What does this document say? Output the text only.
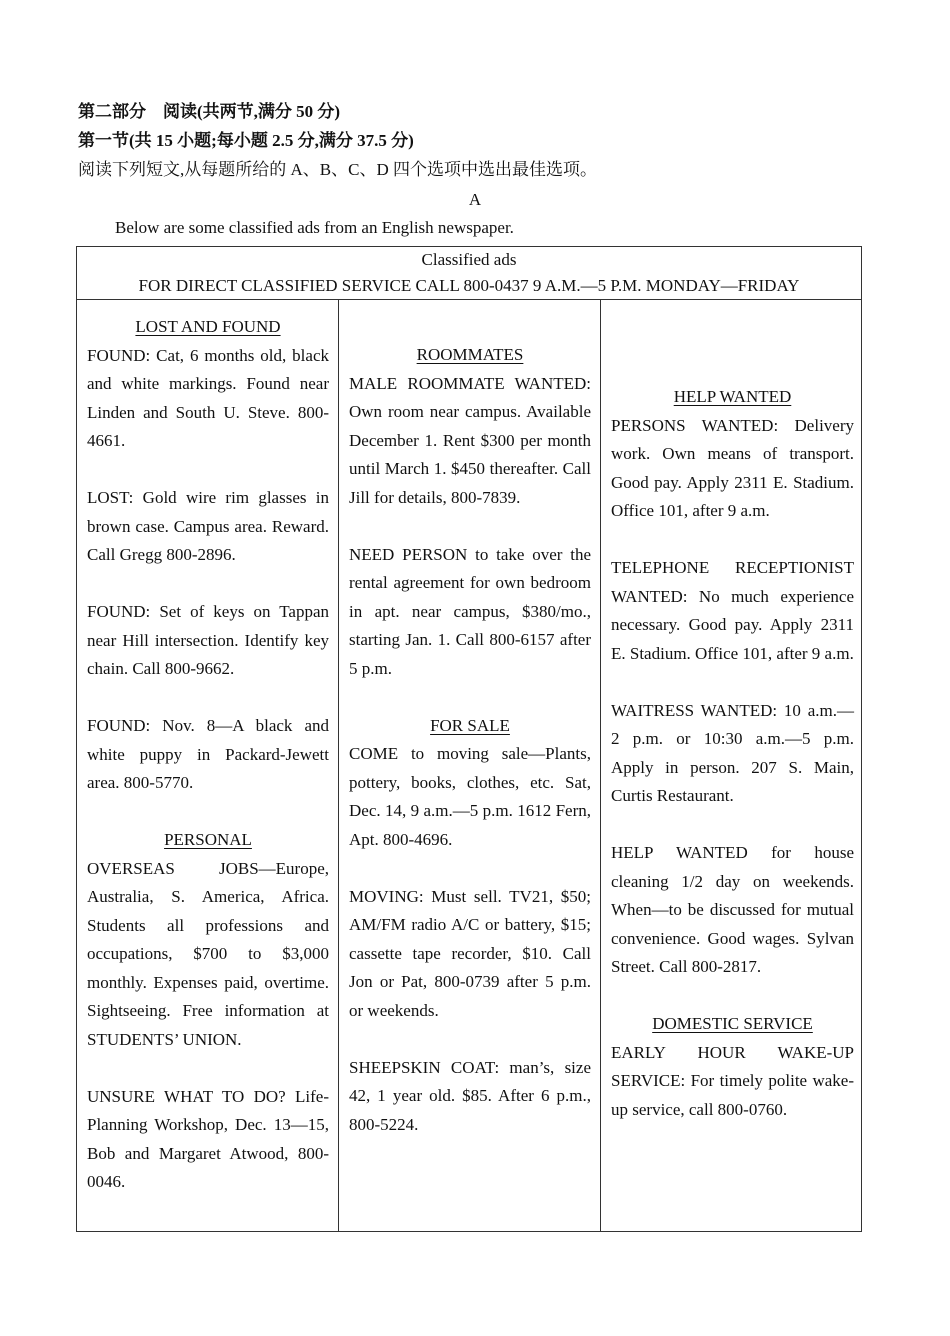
第二部分　阅读(共两节,满分 50 分)
第一节(共 15 小题;每小题 2.5 分,满分 37.5 分)
阅读下列短文,从每题所给的 A、B、C、D 四个选项中选出最佳选项。
A
Below are some classified ads from an English newspaper.
Classified ads
FOR DIRECT CLASSIFIED SERVICE CALL 800-0437 9 A.M.—5 P.M. MONDAY—FRIDAY
LOST AND FOUND
FOUND: Cat, 6 months old, black and white markings. Found near Linden and South U. Steve. 800-4661.
LOST: Gold wire rim glasses in brown case. Campus area. Reward. Call Gregg 800-2896.
FOUND: Set of keys on Tappan near Hill intersection. Identify key chain. Call 800-9662.
FOUND: Nov. 8—A black and white puppy in Packard-Jewett area. 800-5770.
PERSONAL
OVERSEAS JOBS—Europe, Australia, S. America, Africa. Students all professions and occupations, $700 to $3,000 monthly. Expenses paid, overtime. Sightseeing. Free information at STUDENTS’ UNION.
UNSURE WHAT TO DO? Life-Planning Workshop, Dec. 13—15, Bob and Margaret Atwood, 800-0046.
ROOMMATES
MALE ROOMMATE WANTED: Own room near campus. Available December 1. Rent $300 per month until March 1. $450 thereafter. Call Jill for details, 800-7839.
NEED PERSON to take over the rental agreement for own bedroom in apt. near campus, $380/mo., starting Jan. 1. Call 800-6157 after 5 p.m.
FOR SALE
COME to moving sale—Plants, pottery, books, clothes, etc. Sat, Dec. 14, 9 a.m.—5 p.m. 1612 Fern, Apt. 800-4696.
MOVING: Must sell. TV21, $50; AM/FM radio A/C or battery, $15; cassette tape recorder, $10. Call Jon or Pat, 800-0739 after 5 p.m. or weekends.
SHEEPSKIN COAT: man’s, size 42, 1 year old. $85. After 6 p.m., 800-5224.
HELP WANTED
PERSONS WANTED: Delivery work. Own means of transport. Good pay. Apply 2311 E. Stadium. Office 101, after 9 a.m.
TELEPHONE RECEPTIONIST WANTED: No much experience necessary. Good pay. Apply 2311 E. Stadium. Office 101, after 9 a.m.
WAITRESS WANTED: 10 a.m.—2 p.m. or 10:30 a.m.—5 p.m. Apply in person. 207 S. Main, Curtis Restaurant.
HELP WANTED for house cleaning 1/2 day on weekends. When—to be discussed for mutual convenience. Good wages. Sylvan Street. Call 800-2817.
DOMESTIC SERVICE
EARLY HOUR WAKE-UP SERVICE: For timely polite wake-up service, call 800-0760.
